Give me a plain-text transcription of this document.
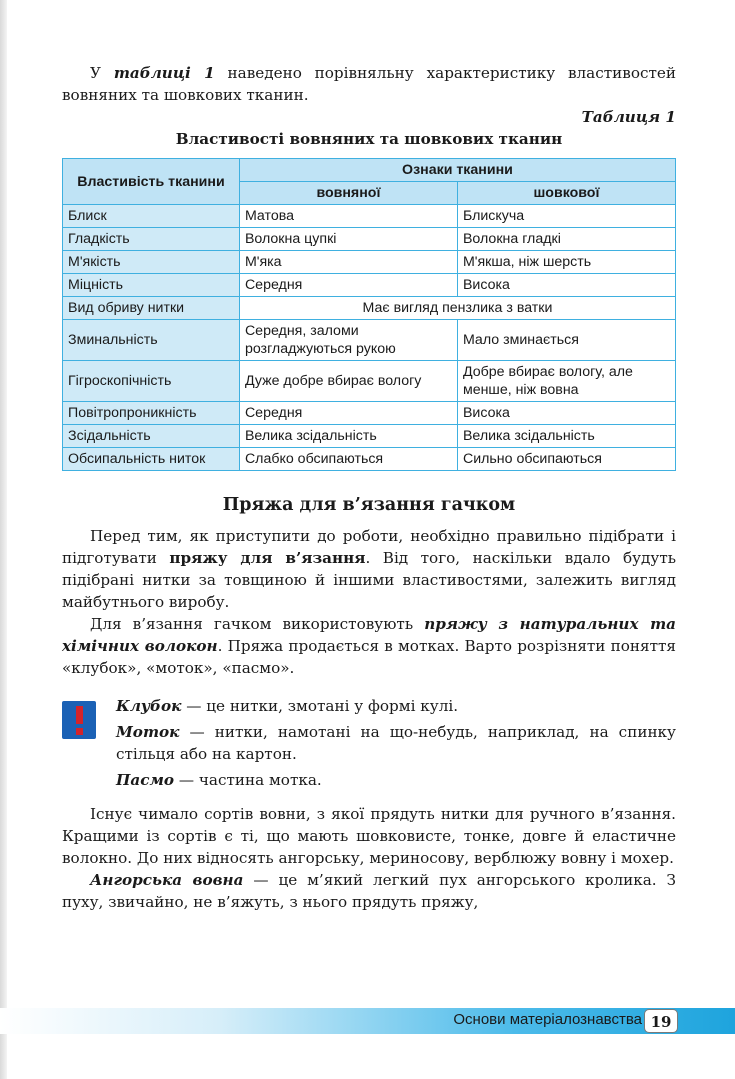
У таблиці 1 наведено порівняльну характеристику властивостей вовняних та шовкових тканин.

Таблиця 1
Властивості вовняних та шовкових тканин
Властивість тканини	Ознаки тканини	
	вовняної	шовкової
Блиск	Матова	Блискуча
Гладкість	Волокна цупкі	Волокна гладкі
М'якість	М'яка	М'якша, ніж шерсть
Міцність	Середня	Висока
Вид обриву нитки	Має вигляд пензлика з ватки	
Зминальність	Середня, заломи розгладжуються рукою	Мало зминається
Гігроскопічність	Дуже добре вбирає вологу	Добре вбирає вологу, але менше, ніж вовна
Повітропроникність	Середня	Висока
Зсідальність	Велика зсідальність	Велика зсідальність
Обсипальність ниток	Слабко обсипаються	Сильно обсипаються
Пряжа для в’язання гачком

Перед тим, як приступити до роботи, необхідно правильно підібрати і підготувати пряжу для в’язання. Від того, наскільки вдало будуть підібрані нитки за товщиною й іншими властивостями, залежить вигляд майбутнього виробу.

Для в’язання гачком використовують пряжу з натуральних та хімічних волокон. Пряжа продається в мотках. Варто розрізняти поняття «клубок», «моток», «пасмо».

Клубок — це нитки, змотані у формі кулі.

Моток — нитки, намотані на що-небудь, наприклад, на спинку стільця або на картон.

Пасмо — частина мотка.

Існує чимало сортів вовни, з якої прядуть нитки для ручного в’язання. Кращими із сортів є ті, що мають шовковисте, тонке, довге й еластичне волокно. До них відносять ангорську, мериносову, верблюжу вовну і мохер.

Ангорська вовна — це м’який легкий пух ангорського кролика. З пуху, звичайно, не в’яжуть, з нього прядуть пряжу,

Основи матеріалознавства 19
